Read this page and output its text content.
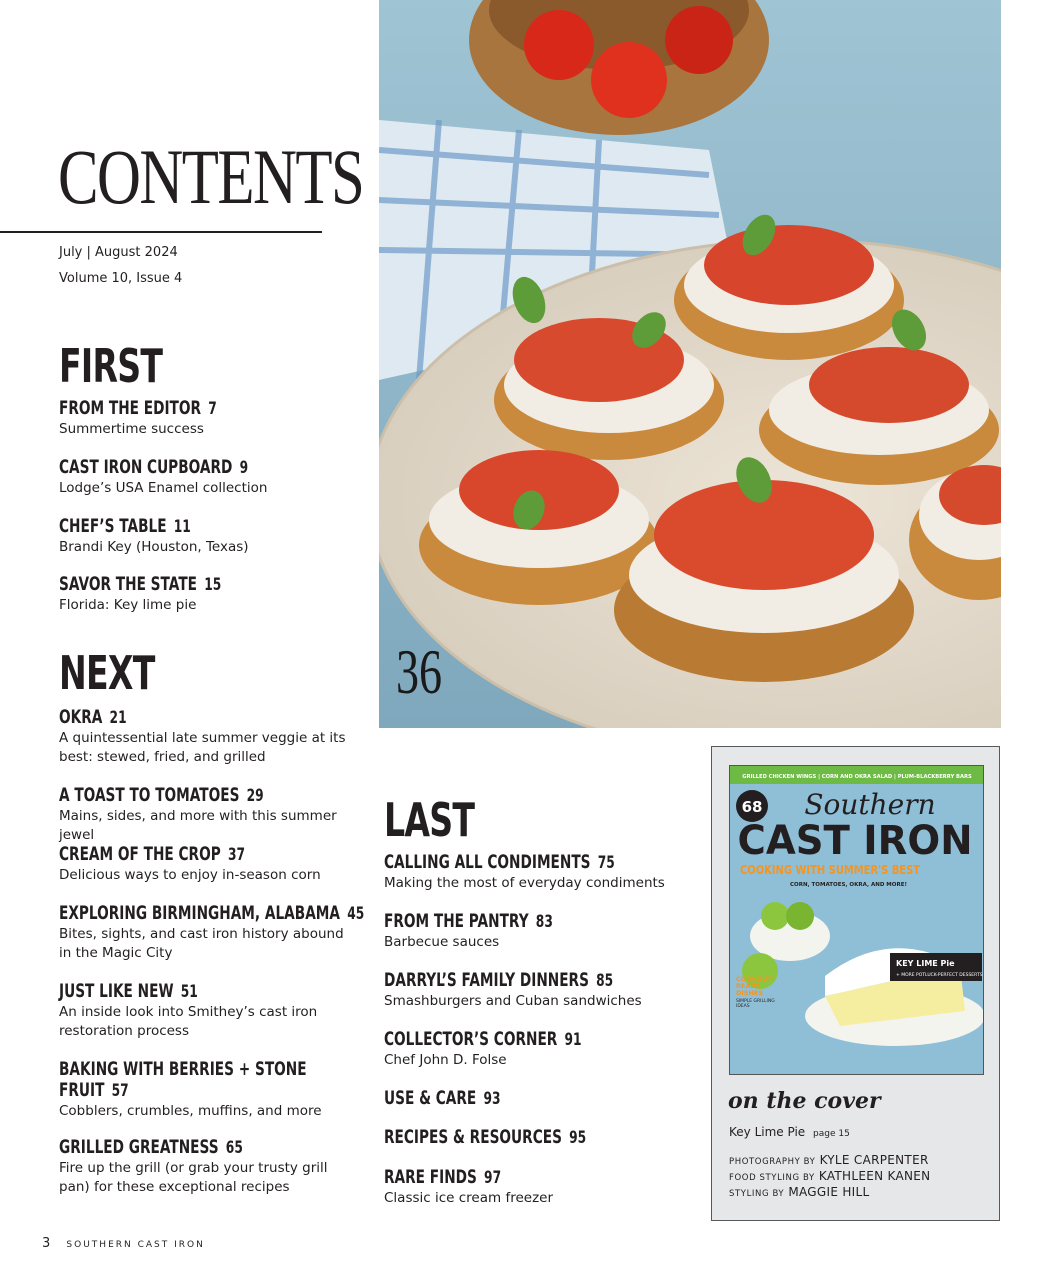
CONTENTS
July | August 2024
Volume 10, Issue 4
FIRST
FROM THE EDITOR 7
Summertime success
CAST IRON CUPBOARD 9
Lodge’s USA Enamel collection
CHEF’S TABLE 11
Brandi Key (Houston, Texas)
SAVOR THE STATE 15
Florida: Key lime pie
NEXT
OKRA 21
A quintessential late summer veggie at its best: stewed, fried, and grilled
A TOAST TO TOMATOES 29
Mains, sides, and more with this summer jewel
CREAM OF THE CROP 37
Delicious ways to enjoy in-season corn
EXPLORING BIRMINGHAM, ALABAMA 45
Bites, sights, and cast iron history abound in the Magic City
JUST LIKE NEW 51
An inside look into Smithey’s cast iron restoration process
BAKING WITH BERRIES + STONE
FRUIT 57
Cobblers, crumbles, muffins, and more
GRILLED GREATNESS 65
Fire up the grill (or grab your trusty grill pan) for these exceptional recipes
36
LAST
CALLING ALL CONDIMENTS 75
Making the most of everyday condiments
FROM THE PANTRY 83
Barbecue sauces
DARRYL’S FAMILY DINNERS 85
Smashburgers and Cuban sandwiches
COLLECTOR’S CORNER 91
Chef John D. Folse
USE & CARE 93
RECIPES & RESOURCES 95
RARE FINDS 97
Classic ice cream freezer
GRILLED CHICKEN WINGS | CORN AND OKRA SALAD | PLUM-BLACKBERRY BARS
68 Southern
CAST IRON
COOKING WITH SUMMER'S BEST
CORN, TOMATOES, OKRA, AND MORE!
KEY LIME Pie
+ MORE POTLUCK-PERFECT DESSERTS
COOKOUT-READY DISHES
SIMPLE GRILLING IDEAS
on the cover
Key Lime Pie page 15
PHOTOGRAPHY BY KYLE CARPENTER
FOOD STYLING BY KATHLEEN KANEN
STYLING BY MAGGIE HILL
3 SOUTHERN CAST IRON
